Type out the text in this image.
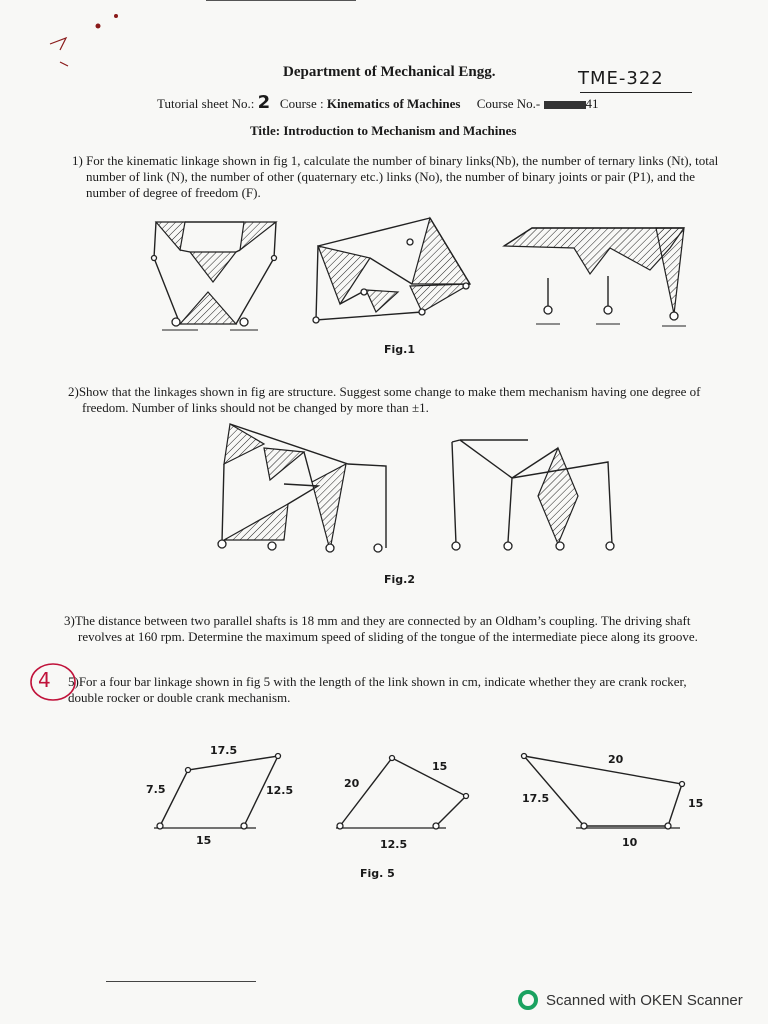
Department of Mechanical Engg.	TME-322
Tutorial sheet No.: 2 Course : Kinematics of Machines Course No.-	41
Title: Introduction to Mechanism and Machines
1) For the kinematic linkage shown in fig 1, calculate the number of binary links(Nb), the number of ternary links (Nt), total number of link (N), the number of other (quaternary etc.) links (No), the number of binary joints or pair (P1), and the number of degree of freedom (F).
Fig.1
2)Show that the linkages shown in fig are structure. Suggest some change to make them mechanism having one degree of freedom. Number of links should not be changed by more than ±1.
Fig.2
3)The distance between two parallel shafts is 18 mm and they are connected by an Oldham’s coupling. The driving shaft revolves at 160 rpm. Determine the maximum speed of sliding of the tongue of the intermediate piece along its groove.
4 5)For a four bar linkage shown in fig 5 with the length of the link shown in cm, indicate whether they are crank rocker, double rocker or double crank mechanism.
17.5
7.5	12.5
15
20
15
12.5
20
17.5	15
10
Fig. 5
Scanned with OKEN Scanner
